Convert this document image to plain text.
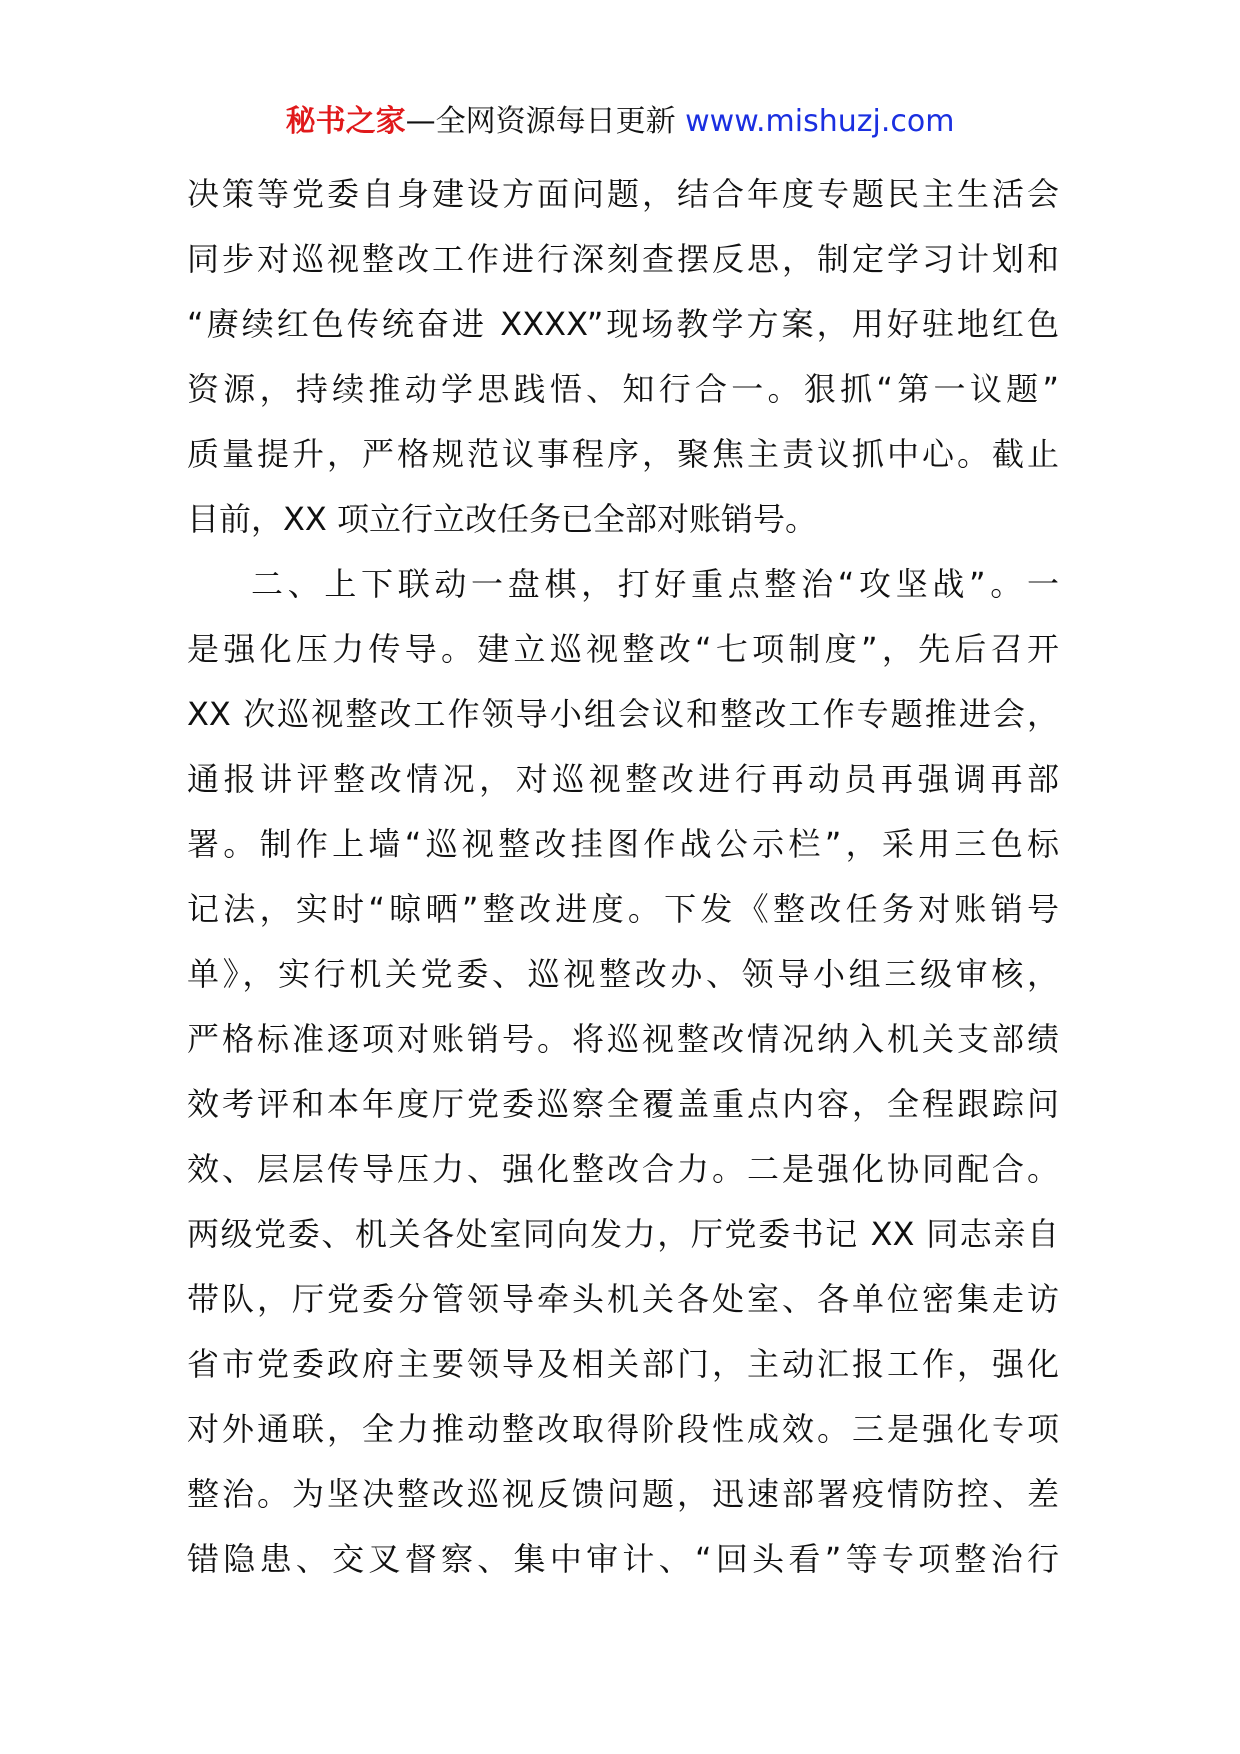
秘书之家—全网资源每日更新 www.mishuzj.com
决策等党委自身建设方面问题，结合年度专题民主生活会
同步对巡视整改工作进行深刻查摆反思，制定学习计划和
“赓续红色传统奋进 XXXX”现场教学方案，用好驻地红色
资源，持续推动学思践悟、知行合一。狠抓“第一议题”
质量提升，严格规范议事程序，聚焦主责议抓中心。截止
目前，XX 项立行立改任务已全部对账销号。
二、上下联动一盘棋，打好重点整治“攻坚战”。一
是强化压力传导。建立巡视整改“七项制度”，先后召开
XX 次巡视整改工作领导小组会议和整改工作专题推进会，
通报讲评整改情况，对巡视整改进行再动员再强调再部
署。制作上墙“巡视整改挂图作战公示栏”，采用三色标
记法，实时“晾晒”整改进度。下发《整改任务对账销号
单》，实行机关党委、巡视整改办、领导小组三级审核，
严格标准逐项对账销号。将巡视整改情况纳入机关支部绩
效考评和本年度厅党委巡察全覆盖重点内容，全程跟踪问
效、层层传导压力、强化整改合力。二是强化协同配合。
两级党委、机关各处室同向发力，厅党委书记 XX 同志亲自
带队，厅党委分管领导牵头机关各处室、各单位密集走访
省市党委政府主要领导及相关部门，主动汇报工作，强化
对外通联，全力推动整改取得阶段性成效。三是强化专项
整治。为坚决整改巡视反馈问题，迅速部署疫情防控、差
错隐患、交叉督察、集中审计、“回头看”等专项整治行
